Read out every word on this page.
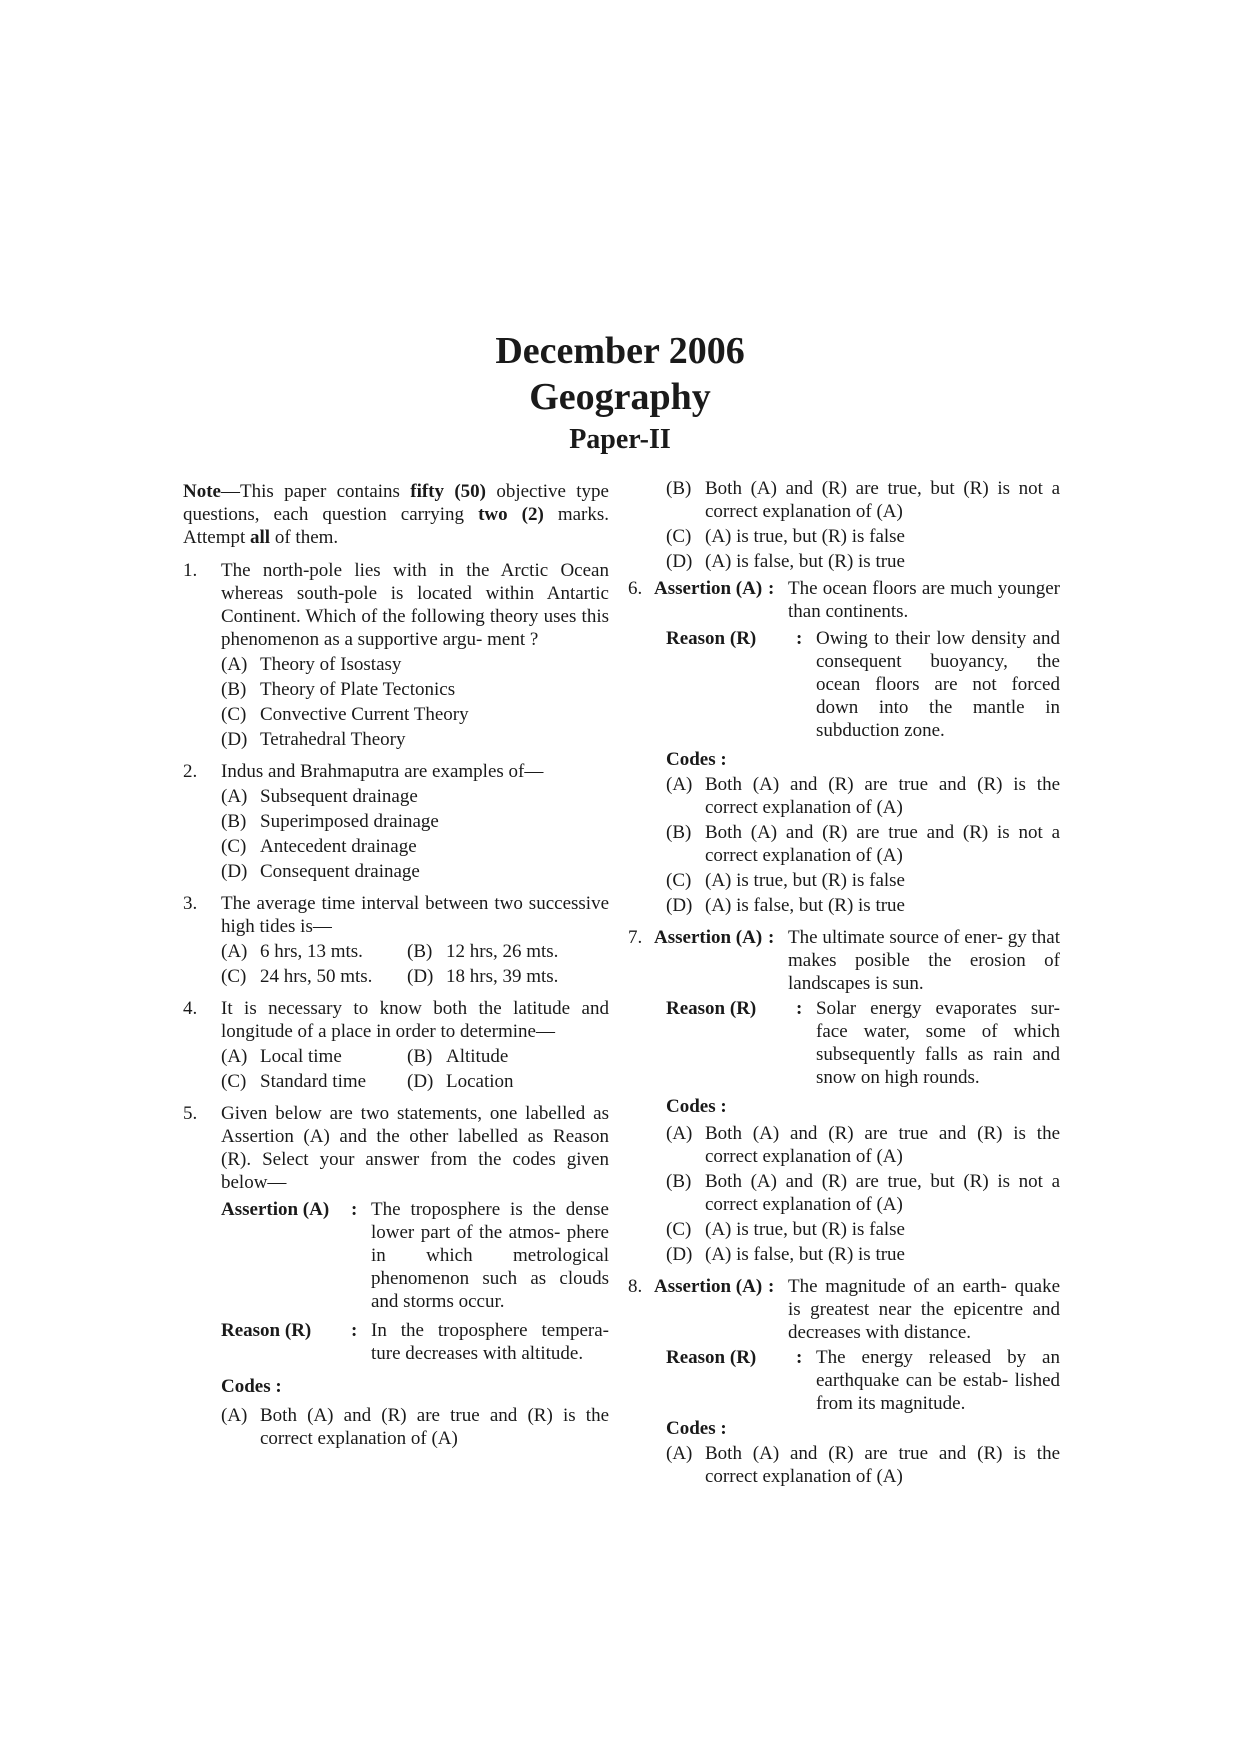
December 2006
Geography
Paper-II
Note—This paper contains fifty (50) objective type questions, each question carrying two (2) marks. Attempt all of them.
1.	The north-pole lies with in the Arctic Ocean whereas south-pole is located within Antartic Continent. Which of the following theory uses this phenomenon as a supportive argu- ment ?
(A) Theory of Isostasy
(B) Theory of Plate Tectonics
(C) Convective Current Theory
(D) Tetrahedral Theory
2.	Indus and Brahmaputra are examples of—
(A) Subsequent drainage
(B) Superimposed drainage
(C) Antecedent drainage
(D) Consequent drainage
3.	The average time interval between two successive high tides is—
(A) 6 hrs, 13 mts. (B) 12 hrs, 26 mts.
(C) 24 hrs, 50 mts. (D) 18 hrs, 39 mts.
4.	It is necessary to know both the latitude and longitude of a place in order to determine—
(A) Local time	(B) Altitude
(C) Standard time (D) Location
5.	Given below are two statements, one labelled as Assertion (A) and the other labelled as Reason (R). Select your answer from the codes given below—
Assertion (A)	: The troposphere is the dense lower part of the atmos- phere in which metrological phenomenon such as clouds and storms occur.
Reason (R)	: In the troposphere tempera- ture decreases with altitude.
Codes :
(A) Both (A) and (R) are true and (R) is the correct explanation of (A)
(B) Both (A) and (R) are true, but (R) is not a correct explanation of (A)
(C) (A) is true, but (R) is false
(D) (A) is false, but (R) is true
6. Assertion (A) : The ocean floors are much younger than continents.
Reason (R)	: Owing to their low density and consequent buoyancy, the ocean floors are not forced down into the mantle in subduction zone.
Codes :
(A) Both (A) and (R) are true and (R) is the correct explanation of (A)
(B) Both (A) and (R) are true and (R) is not a correct explanation of (A)
(C) (A) is true, but (R) is false
(D) (A) is false, but (R) is true
7. Assertion (A) : The ultimate source of ener- gy that makes posible the erosion of landscapes is sun.
Reason (R)	: Solar energy evaporates sur- face water, some of which subsequently falls as rain and snow on high rounds.
Codes :
(A) Both (A) and (R) are true and (R) is the correct explanation of (A)
(B) Both (A) and (R) are true, but (R) is not a correct explanation of (A)
(C) (A) is true, but (R) is false
(D) (A) is false, but (R) is true
8. Assertion (A) : The magnitude of an earth- quake is greatest near the epicentre and decreases with distance.
Reason (R)	: The energy released by an earthquake can be estab- lished from its magnitude.
Codes :
(A) Both (A) and (R) are true and (R) is the correct explanation of (A)
